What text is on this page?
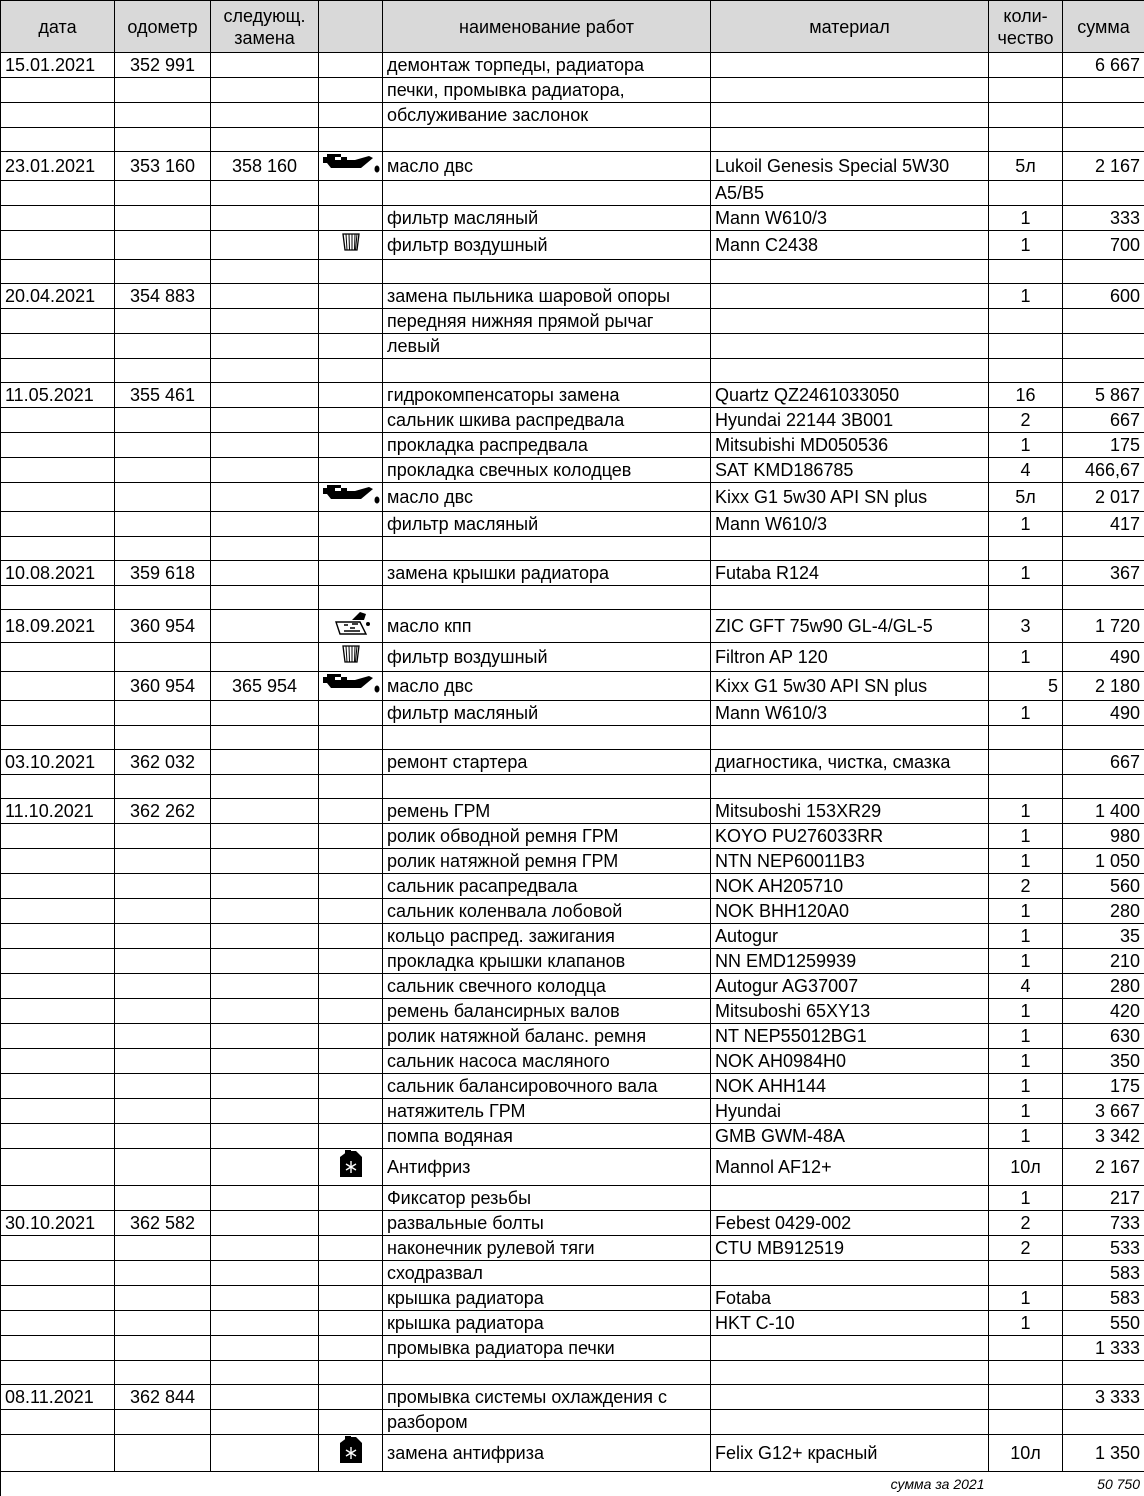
дата	одометр	следующ. замена		наименование работ	материал	коли-чество	сумма
15.01.2021	352 991			демонтаж торпеды, радиатора			6 667
				печки, промывка радиатора,			
				обслуживание заслонок			

23.01.2021	353 160	358 160		масло двс	Lukoil Genesis Special 5W30	5л	2 167
					A5/B5		
				фильтр масляный	Mann W610/3	1	333
				фильтр воздушный	Mann C2438	1	700

20.04.2021	354 883			замена пыльника шаровой опоры		1	600
				передняя нижняя прямой рычаг			
				левый			

11.05.2021	355 461			гидрокомпенсаторы замена	Quartz QZ2461033050	16	5 867
				сальник шкива распредвала	Hyundai 22144 3B001	2	667
				прокладка распредвала	Mitsubishi MD050536	1	175
				прокладка свечных колодцев	SAT KMD186785	4	466,67
				масло двс	Kixx G1 5w30 API SN plus	5л	2 017
				фильтр масляный	Mann W610/3	1	417

10.08.2021	359 618			замена крышки радиатора	Futaba R124	1	367

18.09.2021	360 954			масло кпп	ZIC GFT 75w90 GL-4/GL-5	3	1 720
				фильтр воздушный	Filtron AP 120	1	490
	360 954	365 954		масло двс	Kixx G1 5w30 API SN plus	5	2 180
				фильтр масляный	Mann W610/3	1	490

03.10.2021	362 032			ремонт стартера	диагностика, чистка, смазка		667

11.10.2021	362 262			ремень ГРМ	Mitsuboshi 153XR29	1	1 400
				ролик обводной ремня ГРМ	KOYO PU276033RR	1	980
				ролик натяжной ремня ГРМ	NTN NEP60011B3	1	1 050
				сальник расапредвала	NOK AH205710	2	560
				сальник коленвала лобовой	NOK BHH120A0	1	280
				кольцо распред. зажигания	Autogur	1	35
				прокладка крышки клапанов	NN EMD1259939	1	210
				сальник свечного колодца	Autogur AG37007	4	280
				ремень балансирных валов	Mitsuboshi 65XY13	1	420
				ролик натяжной баланс. ремня	NT NEP55012BG1	1	630
				сальник насоса масляного	NOK AH0984H0	1	350
				сальник балансировочного вала	NOK AHH144	1	175
				натяжитель ГРМ	Hyundai	1	3 667
				помпа водяная	GMB GWM-48A	1	3 342
				Антифриз	Mannol AF12+	10л	2 167
				Фиксатор резьбы		1	217
30.10.2021	362 582			развальные болты	Febest 0429-002	2	733
				наконечник рулевой тяги	CTU MB912519	2	533
				сходразвал			583
				крышка радиатора	Fotaba	1	583
				крышка радиатора	HKT C-10	1	550
				промывка радиатора печки			1 333

08.11.2021	362 844			промывка системы охлаждения с			3 333
				разбором			
				замена антифриза	Felix G12+ красный	10л	1 350
сумма за 2021							50 750
